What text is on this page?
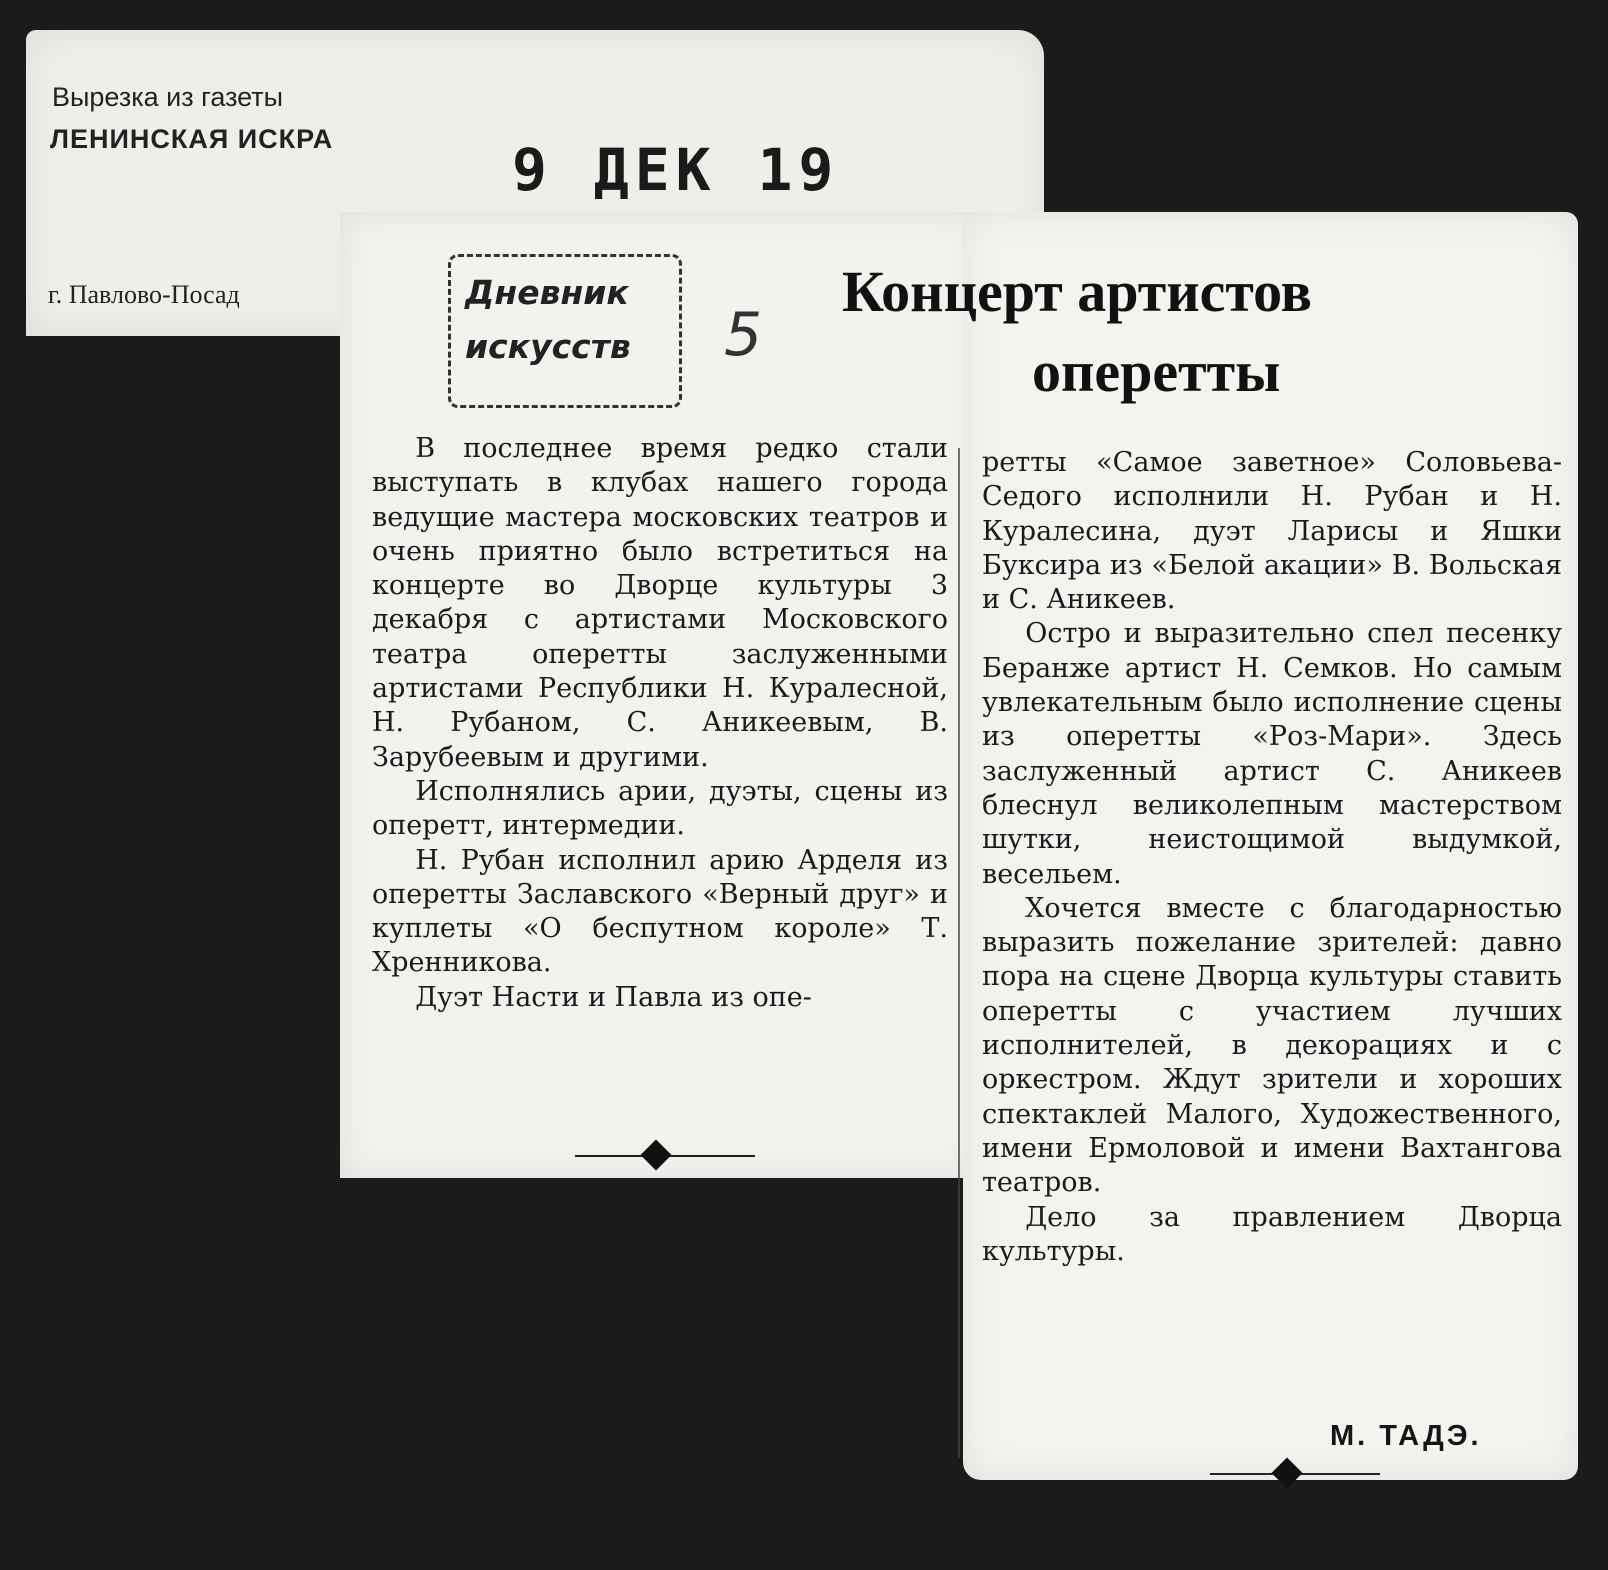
Вырезка из газеты
ЛЕНИНСКАЯ ИСКРА
г. Павлово-Посад
9 ДЕК 19
Дневник
искусств 5
Концерт артистов
оперетты

В последнее время редко стали выступать в клубах нашего города ведущие мастера московских театров и очень приятно было встретиться на концерте во Дворце культуры 3 декабря с артистами Московского театра оперетты заслуженными артистами Республики Н. Куралесной, Н. Рубаном, С. Аникеевым, В. Зарубеевым и другими.

Исполнялись арии, дуэты, сцены из оперетт, интермедии.

Н. Рубан исполнил арию Арделя из оперетты Заславского «Верный друг» и куплеты «О беспутном короле» Т. Хренникова.

Дуэт Насти и Павла из опе-

ретты «Самое заветное» Соловьева-Седого исполнили Н. Рубан и Н. Куралесина, дуэт Ларисы и Яшки Буксира из «Белой акации» В. Вольская и С. Аникеев.

Остро и выразительно спел песенку Беранже артист Н. Семков. Но самым увлекательным было исполнение сцены из оперетты «Роз-Мари». Здесь заслуженный артист С. Аникеев блеснул великолепным мастерством шутки, неистощимой выдумкой, весельем.

Хочется вместе с благодарностью выразить пожелание зрителей: давно пора на сцене Дворца культуры ставить оперетты с участием лучших исполнителей, в декорациях и с оркестром. Ждут зрители и хороших спектаклей Малого, Художественного, имени Ермоловой и имени Вахтангова театров.

Дело за правлением Дворца культуры.

М. ТАДЭ.
